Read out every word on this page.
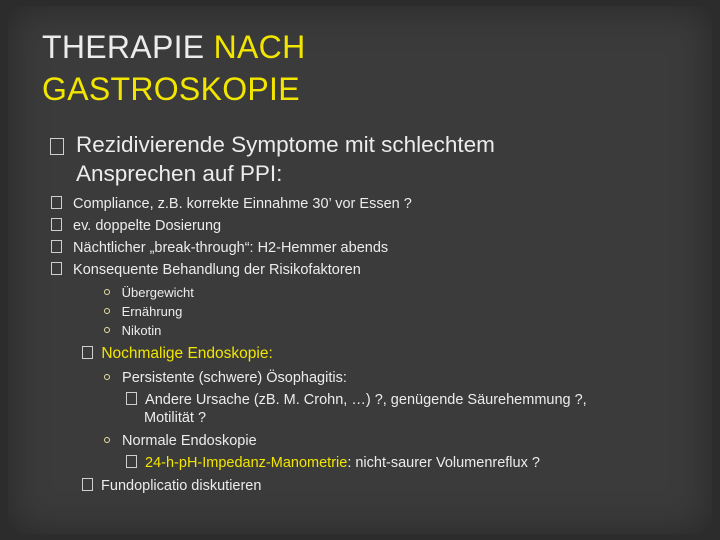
THERAPIE NACH
GASTROSKOPIE
Rezidivierende Symptome mit schlechtem
Ansprechen auf PPI:
Compliance, z.B. korrekte Einnahme 30’ vor Essen ?
ev. doppelte Dosierung
Nächtlicher „break-through“: H2-Hemmer abends
Konsequente Behandlung der Risikofaktoren
Übergewicht
Ernährung
Nikotin
Nochmalige Endoskopie:
Persistente (schwere) Ösophagitis:
Andere Ursache (zB. M. Crohn, …) ?, genügende Säurehemmung ?,
Motilität ?
Normale Endoskopie
24-h-pH-Impedanz-Manometrie: nicht-saurer Volumenreflux ?
Fundoplicatio diskutieren
